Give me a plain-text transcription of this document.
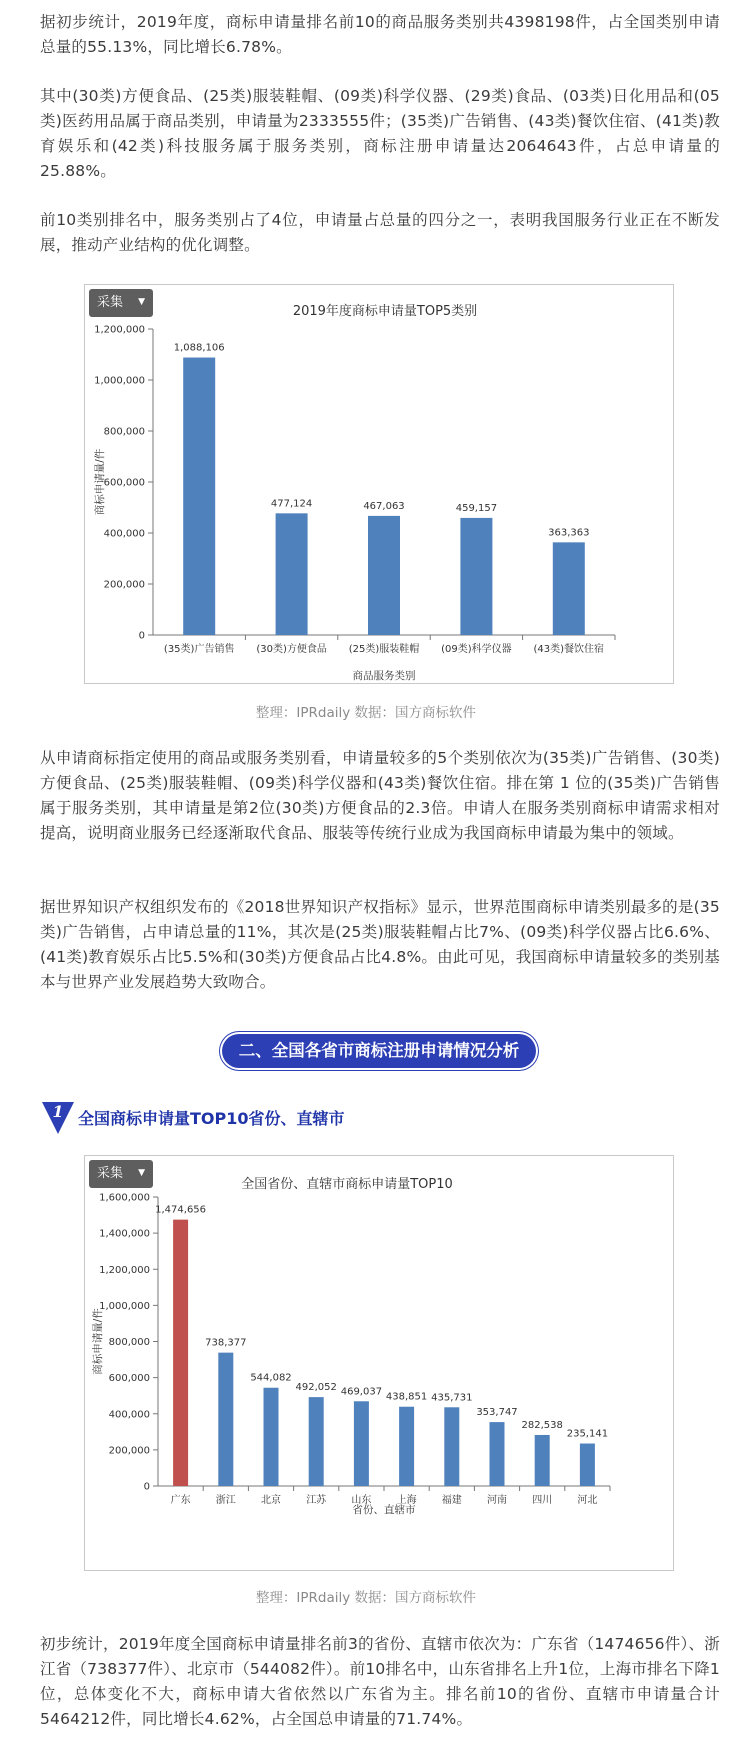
据初步统计，2019年度，商标申请量排名前10的商品服务类别共4398198件，占全国类别申请总量的55.13%，同比增长6.78%。

其中(30类)方便食品、(25类)服装鞋帽、(09类)科学仪器、(29类)食品、(03类)日化用品和(05类)医药用品属于商品类别，申请量为2333555件；(35类)广告销售、(43类)餐饮住宿、(41类)教育娱乐和(42类)科技服务属于服务类别，商标注册申请量达2064643件，占总申请量的25.88%。

前10类别排名中，服务类别占了4位，申请量占总量的四分之一，表明我国服务行业正在不断发展，推动产业结构的优化调整。

2019年度商标申请量TOP5类别
0
200,000
400,000
600,000
800,000
1,000,000
1,200,000
1,088,106
(35类)广告销售
477,124
(30类)方便食品
467,063
(25类)服装鞋帽
459,157
(09类)科学仪器
363,363
(43类)餐饮住宿
商品服务类别
商标申请量/件
采集 ▼
整理：IPRdaily 数据：国方商标软件

从申请商标指定使用的商品或服务类别看，申请量较多的5个类别依次为(35类)广告销售、(30类)方便食品、(25类)服装鞋帽、(09类)科学仪器和(43类)餐饮住宿。排在第 1 位的(35类)广告销售属于服务类别，其申请量是第2位(30类)方便食品的2.3倍。申请人在服务类别商标申请需求相对提高，说明商业服务已经逐渐取代食品、服装等传统行业成为我国商标申请最为集中的领域。

据世界知识产权组织发布的《2018世界知识产权指标》显示，世界范围商标申请类别最多的是(35类)广告销售，占申请总量的11%，其次是(25类)服装鞋帽占比7%、(09类)科学仪器占比6.6%、(41类)教育娱乐占比5.5%和(30类)方便食品占比4.8%。由此可见，我国商标申请量较多的类别基本与世界产业发展趋势大致吻合。

二、全国各省市商标注册申请情况分析
1 全国商标申请量TOP10省份、直辖市
全国省份、直辖市商标申请量TOP10
0
200,000
400,000
600,000
800,000
1,000,000
1,200,000
1,400,000
1,600,000
1,474,656
广东
738,377
浙江
544,082
北京
492,052
江苏
469,037
山东
438,851
上海
435,731
福建
353,747
河南
282,538
四川
235,141
河北
省份、直辖市
商标申请量/件
采集 ▼
整理：IPRdaily 数据：国方商标软件

初步统计，2019年度全国商标申请量排名前3的省份、直辖市依次为：广东省（1474656件）、浙江省（738377件）、北京市（544082件）。前10排名中，山东省排名上升1位，上海市排名下降1位，总体变化不大，商标申请大省依然以广东省为主。排名前10的省份、直辖市申请量合计5464212件，同比增长4.62%，占全国总申请量的71.74%。
